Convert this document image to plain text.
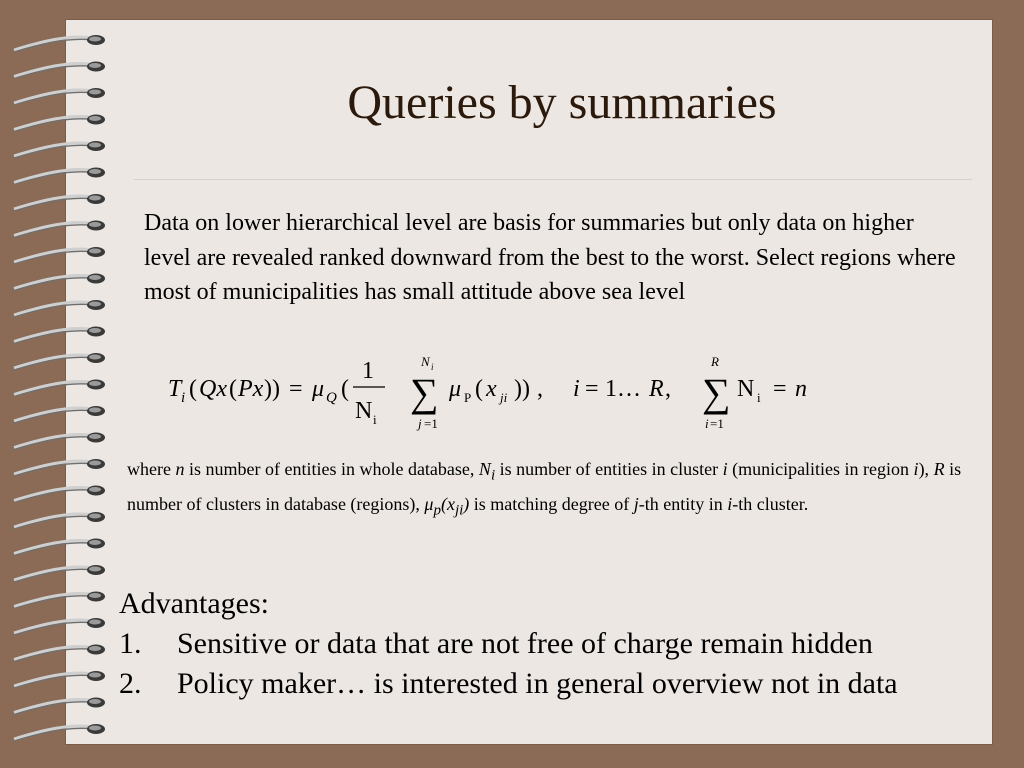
Queries by summaries
Data on lower hierarchical level are basis for summaries but only data on higher level are revealed ranked downward from the best to the worst. Select regions where most of municipalities has small attitude above sea level
T i ( Qx ( Px )) = μ Q (
1
N i
N i
∑
j =1
μ P ( x ji )) , i = 1… R ,
R
∑
i =1
N i = n
where n is number of entities in whole database, $N_i$ is number of entities in cluster i (municipalities in region i), R is number of clusters in database (regions), $\mu_p(x_{ji})$ is matching degree of j-th entity in i-th cluster.
Advantages:
1.	Sensitive or data that are not free of charge remain hidden
2.	Policy maker… is interested in general overview not in data
